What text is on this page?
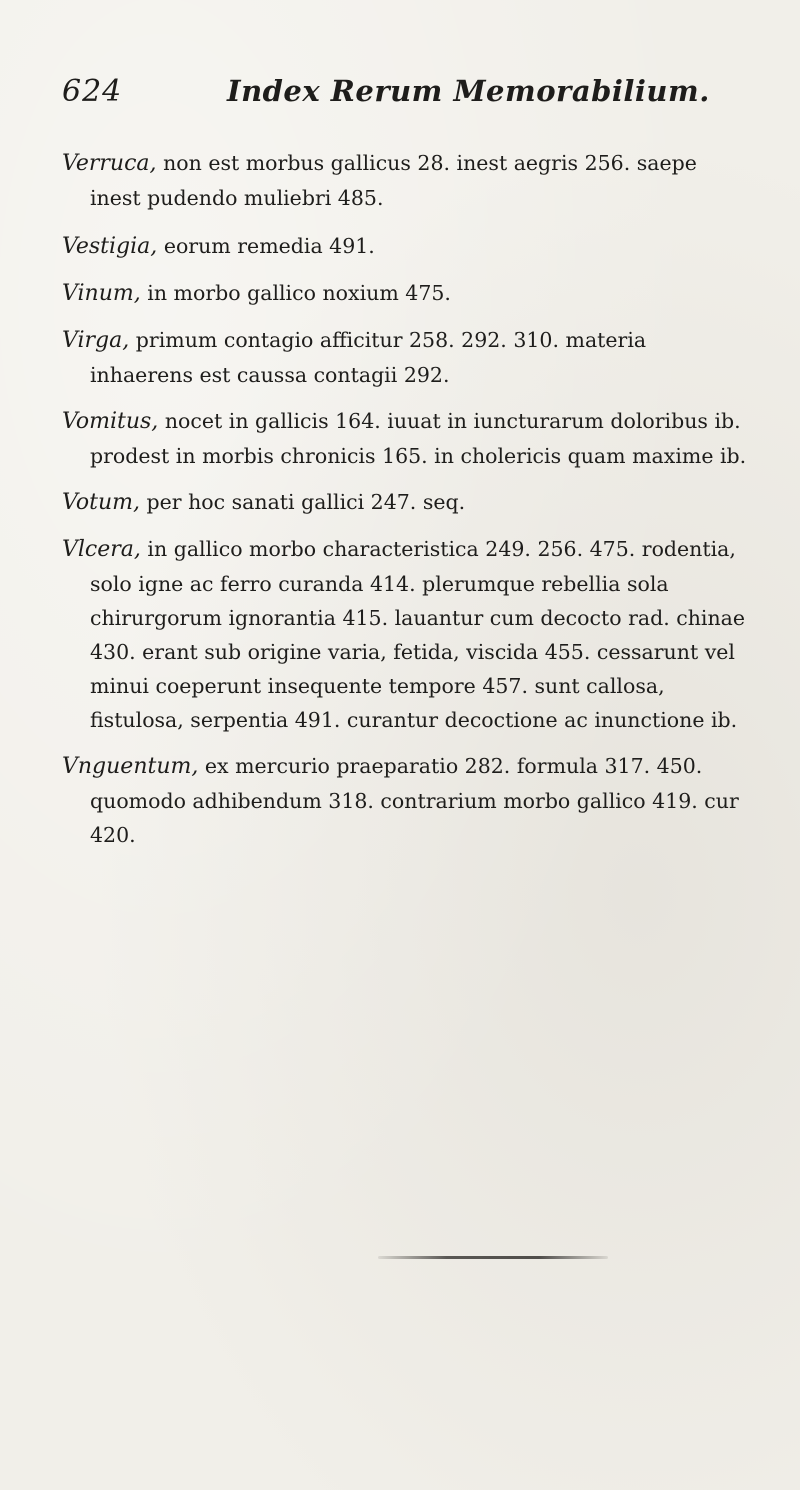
624	Index Rerum Memorabilium.
Verruca, non est morbus gallicus 28. inest aegris 256. saepe inest pudendo muliebri 485.
Vestigia, eorum remedia 491.
Vinum, in morbo gallico noxium 475.
Virga, primum contagio afficitur 258. 292. 310. materia inhaerens est caussa contagii 292.
Vomitus, nocet in gallicis 164. iuuat in iuncturarum doloribus ib. prodest in morbis chronicis 165. in cholericis quam maxime ib.
Votum, per hoc sanati gallici 247. seq.
Vlcera, in gallico morbo characteristica 249. 256. 475. rodentia, solo igne ac ferro curanda 414. plerumque rebellia sola chirurgorum ignorantia 415. lauantur cum decocto rad. chinae 430. erant sub origine varia, fetida, viscida 455. cessarunt vel minui coeperunt insequente tempore 457. sunt callosa, fistulosa, serpentia 491. curantur decoctione ac inunctione ib.
Vnguentum, ex mercurio praeparatio 282. formula 317. 450. quomodo adhibendum 318. contrarium morbo gallico 419. cur 420.
